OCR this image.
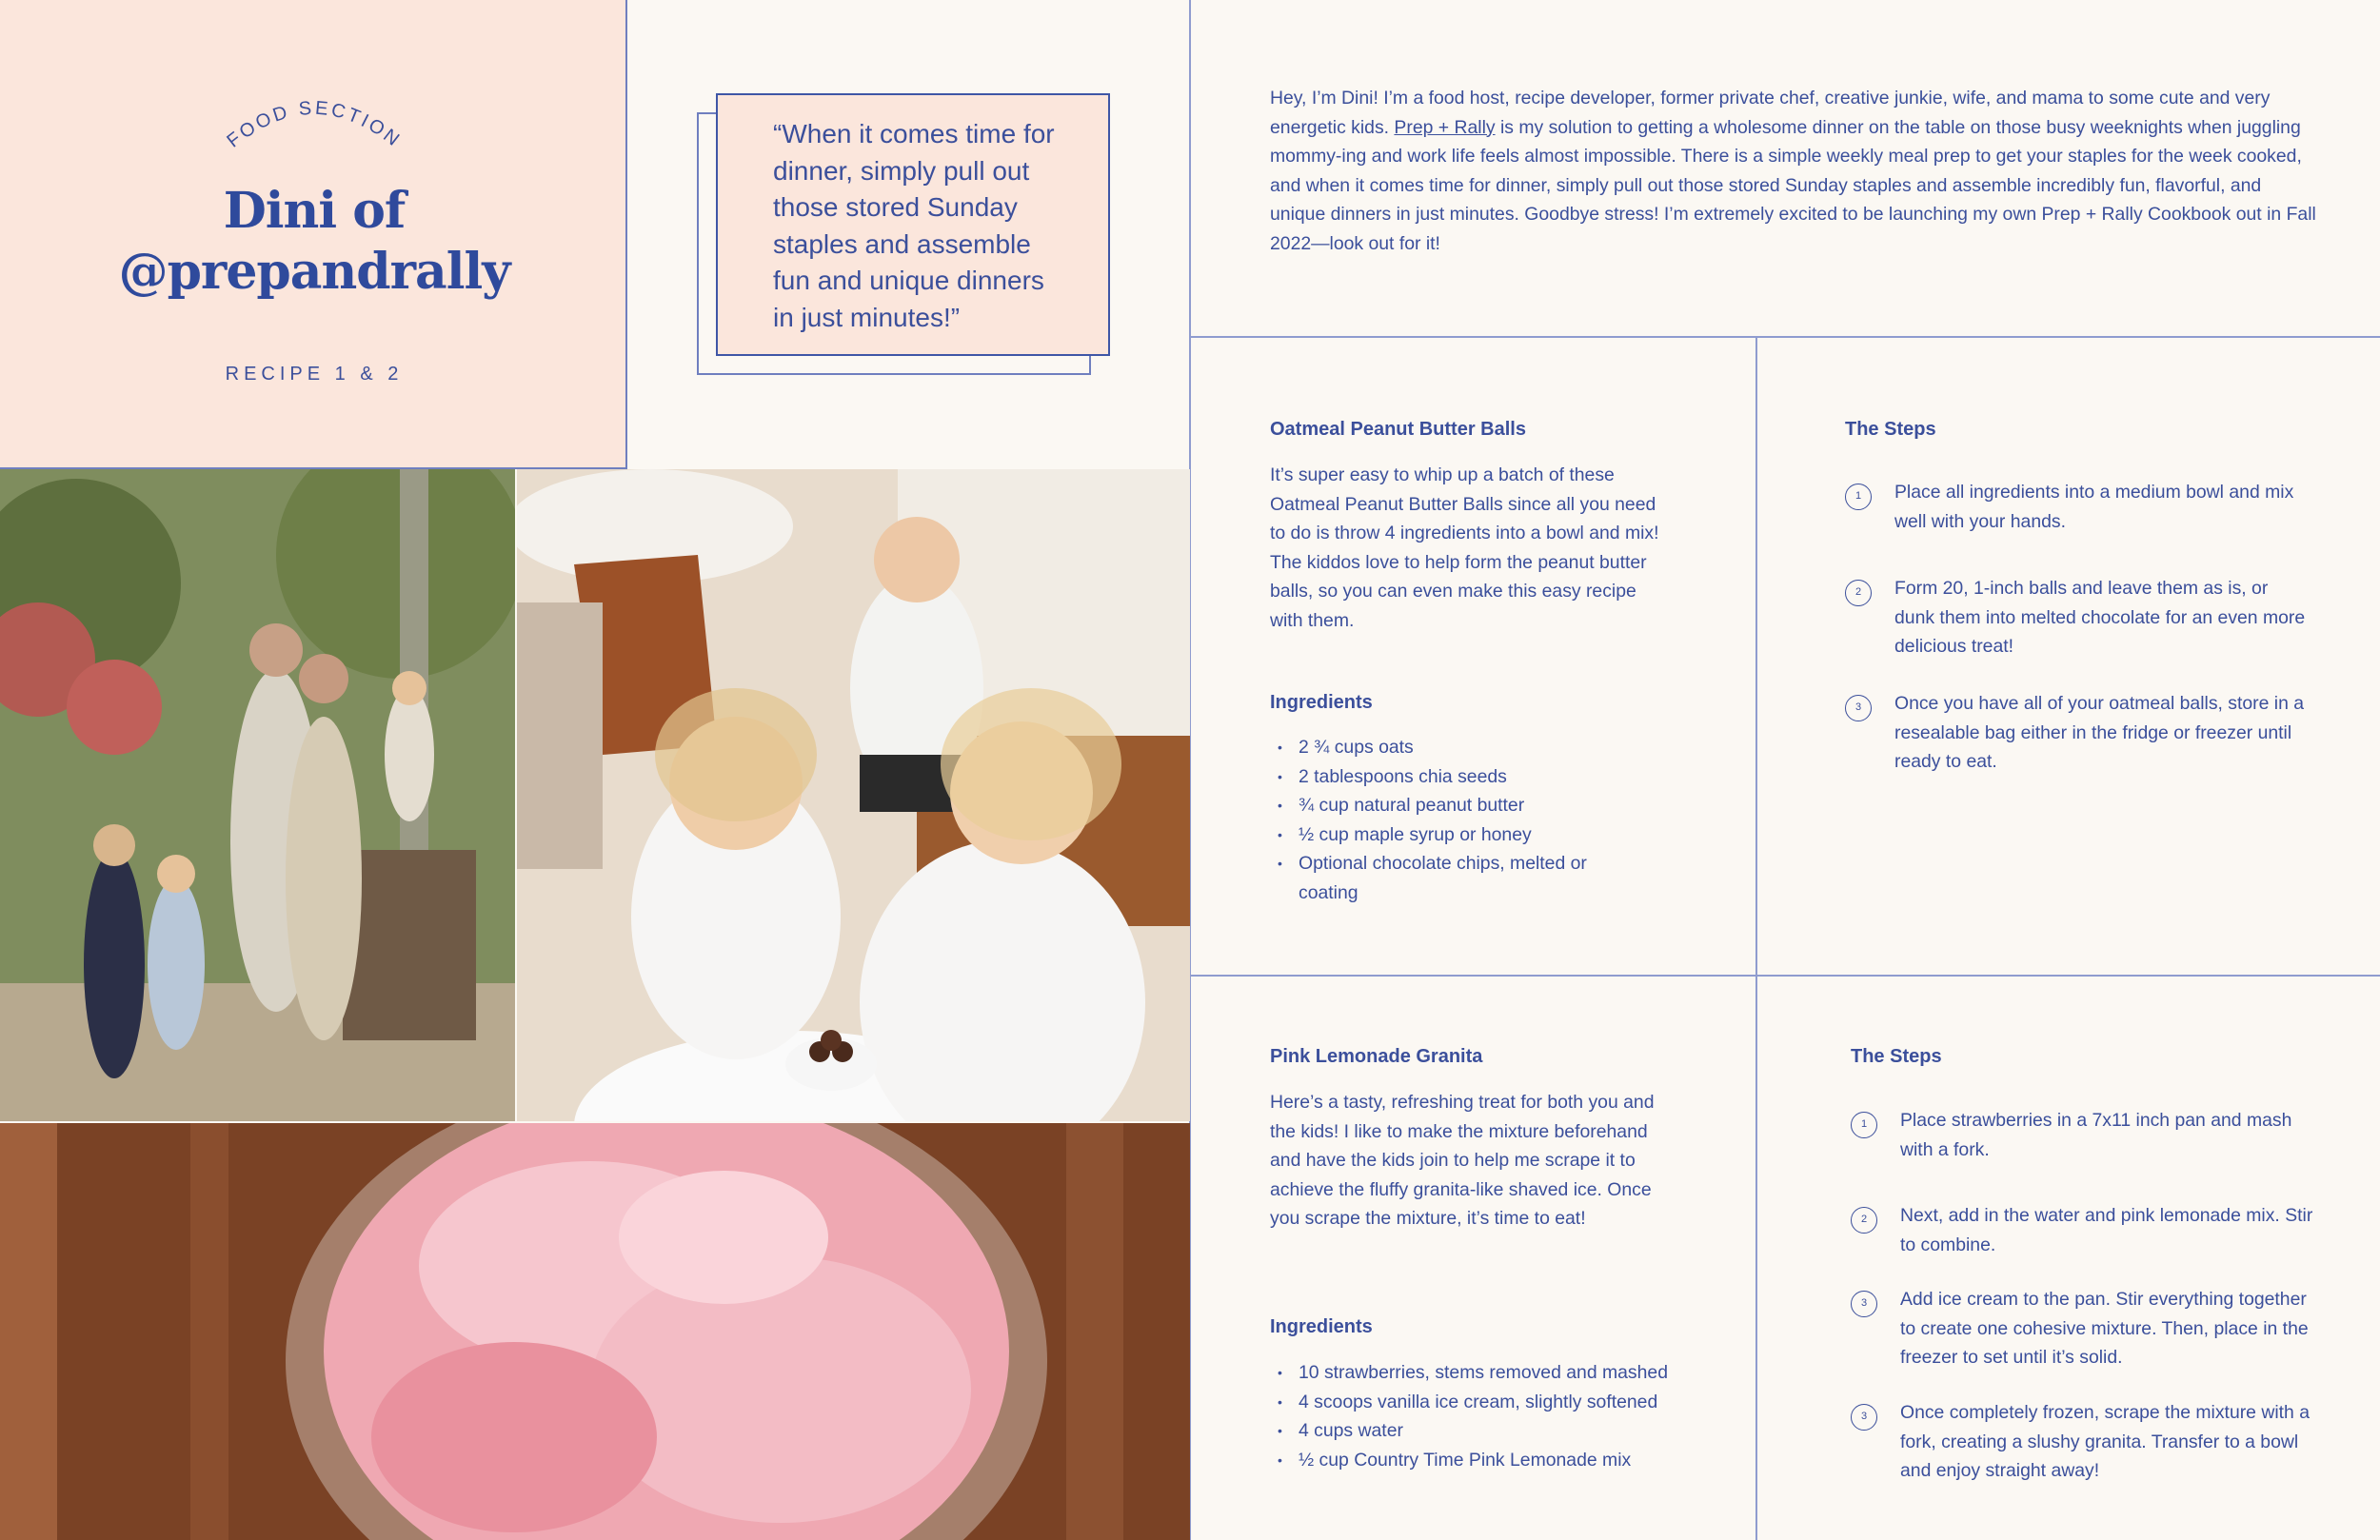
FOOD SECTION
Dini of
@prepandrally
RECIPE 1 & 2
“When it comes time for
dinner, simply pull out
those stored Sunday
staples and assemble
fun and unique dinners
in just minutes!”
Hey, I’m Dini! I’m a food host, recipe developer, former private chef, creative junkie, wife, and mama to some cute and very energetic kids. Prep + Rally is my solution to getting a wholesome dinner on the table on those busy weeknights when juggling mommy-ing and work life feels almost impossible. There is a simple weekly meal prep to get your staples for the week cooked, and when it comes time for dinner, simply pull out those stored Sunday staples and assemble incredibly fun, flavorful, and unique dinners in just minutes. Goodbye stress! I’m extremely excited to be launching my own Prep + Rally Cookbook out in Fall 2022—look out for it!
Oatmeal Peanut Butter Balls
It’s super easy to whip up a batch of these Oatmeal Peanut Butter Balls since all you need to do is throw 4 ingredients into a bowl and mix! The kiddos love to help form the peanut butter balls, so you can even make this easy recipe with them.
Ingredients
• 2 ¾ cups oats
• 2 tablespoons chia seeds
• ¾ cup natural peanut butter
• ½ cup maple syrup or honey
• Optional chocolate chips, melted or coating
The Steps
1	Place all ingredients into a medium bowl and mix well with your hands.
2	Form 20, 1-inch balls and leave them as is, or dunk them into melted chocolate for an even more delicious treat!
3	Once you have all of your oatmeal balls, store in a resealable bag either in the fridge or freezer until ready to eat.
Pink Lemonade Granita
Here’s a tasty, refreshing treat for both you and the kids! I like to make the mixture beforehand and have the kids join to help me scrape it to achieve the fluffy granita-like shaved ice. Once you scrape the mixture, it’s time to eat!
Ingredients
• 10 strawberries, stems removed and mashed
• 4 scoops vanilla ice cream, slightly softened
• 4 cups water
• ½ cup Country Time Pink Lemonade mix
The Steps
1	Place strawberries in a 7x11 inch pan and mash with a fork.
2	Next, add in the water and pink lemonade mix. Stir to combine.
3	Add ice cream to the pan. Stir everything together to create one cohesive mixture. Then, place in the freezer to set until it’s solid.
3	Once completely frozen, scrape the mixture with a fork, creating a slushy granita. Transfer to a bowl and enjoy straight away!
